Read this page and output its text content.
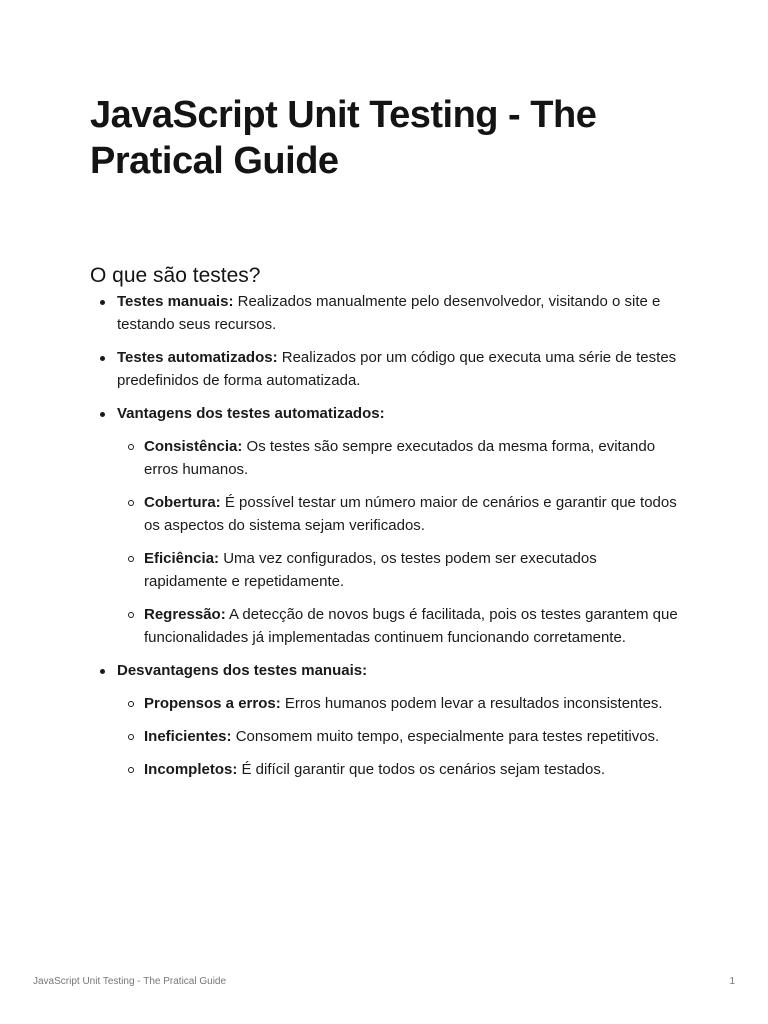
JavaScript Unit Testing - The Pratical Guide
O que são testes?
Testes manuais: Realizados manualmente pelo desenvolvedor, visitando o site e testando seus recursos.
Testes automatizados: Realizados por um código que executa uma série de testes predefinidos de forma automatizada.
Vantagens dos testes automatizados:
Consistência: Os testes são sempre executados da mesma forma, evitando erros humanos.
Cobertura: É possível testar um número maior de cenários e garantir que todos os aspectos do sistema sejam verificados.
Eficiência: Uma vez configurados, os testes podem ser executados rapidamente e repetidamente.
Regressão: A detecção de novos bugs é facilitada, pois os testes garantem que funcionalidades já implementadas continuem funcionando corretamente.
Desvantagens dos testes manuais:
Propensos a erros: Erros humanos podem levar a resultados inconsistentes.
Ineficientes: Consomem muito tempo, especialmente para testes repetitivos.
Incompletos: É difícil garantir que todos os cenários sejam testados.
JavaScript Unit Testing - The Pratical Guide	1
